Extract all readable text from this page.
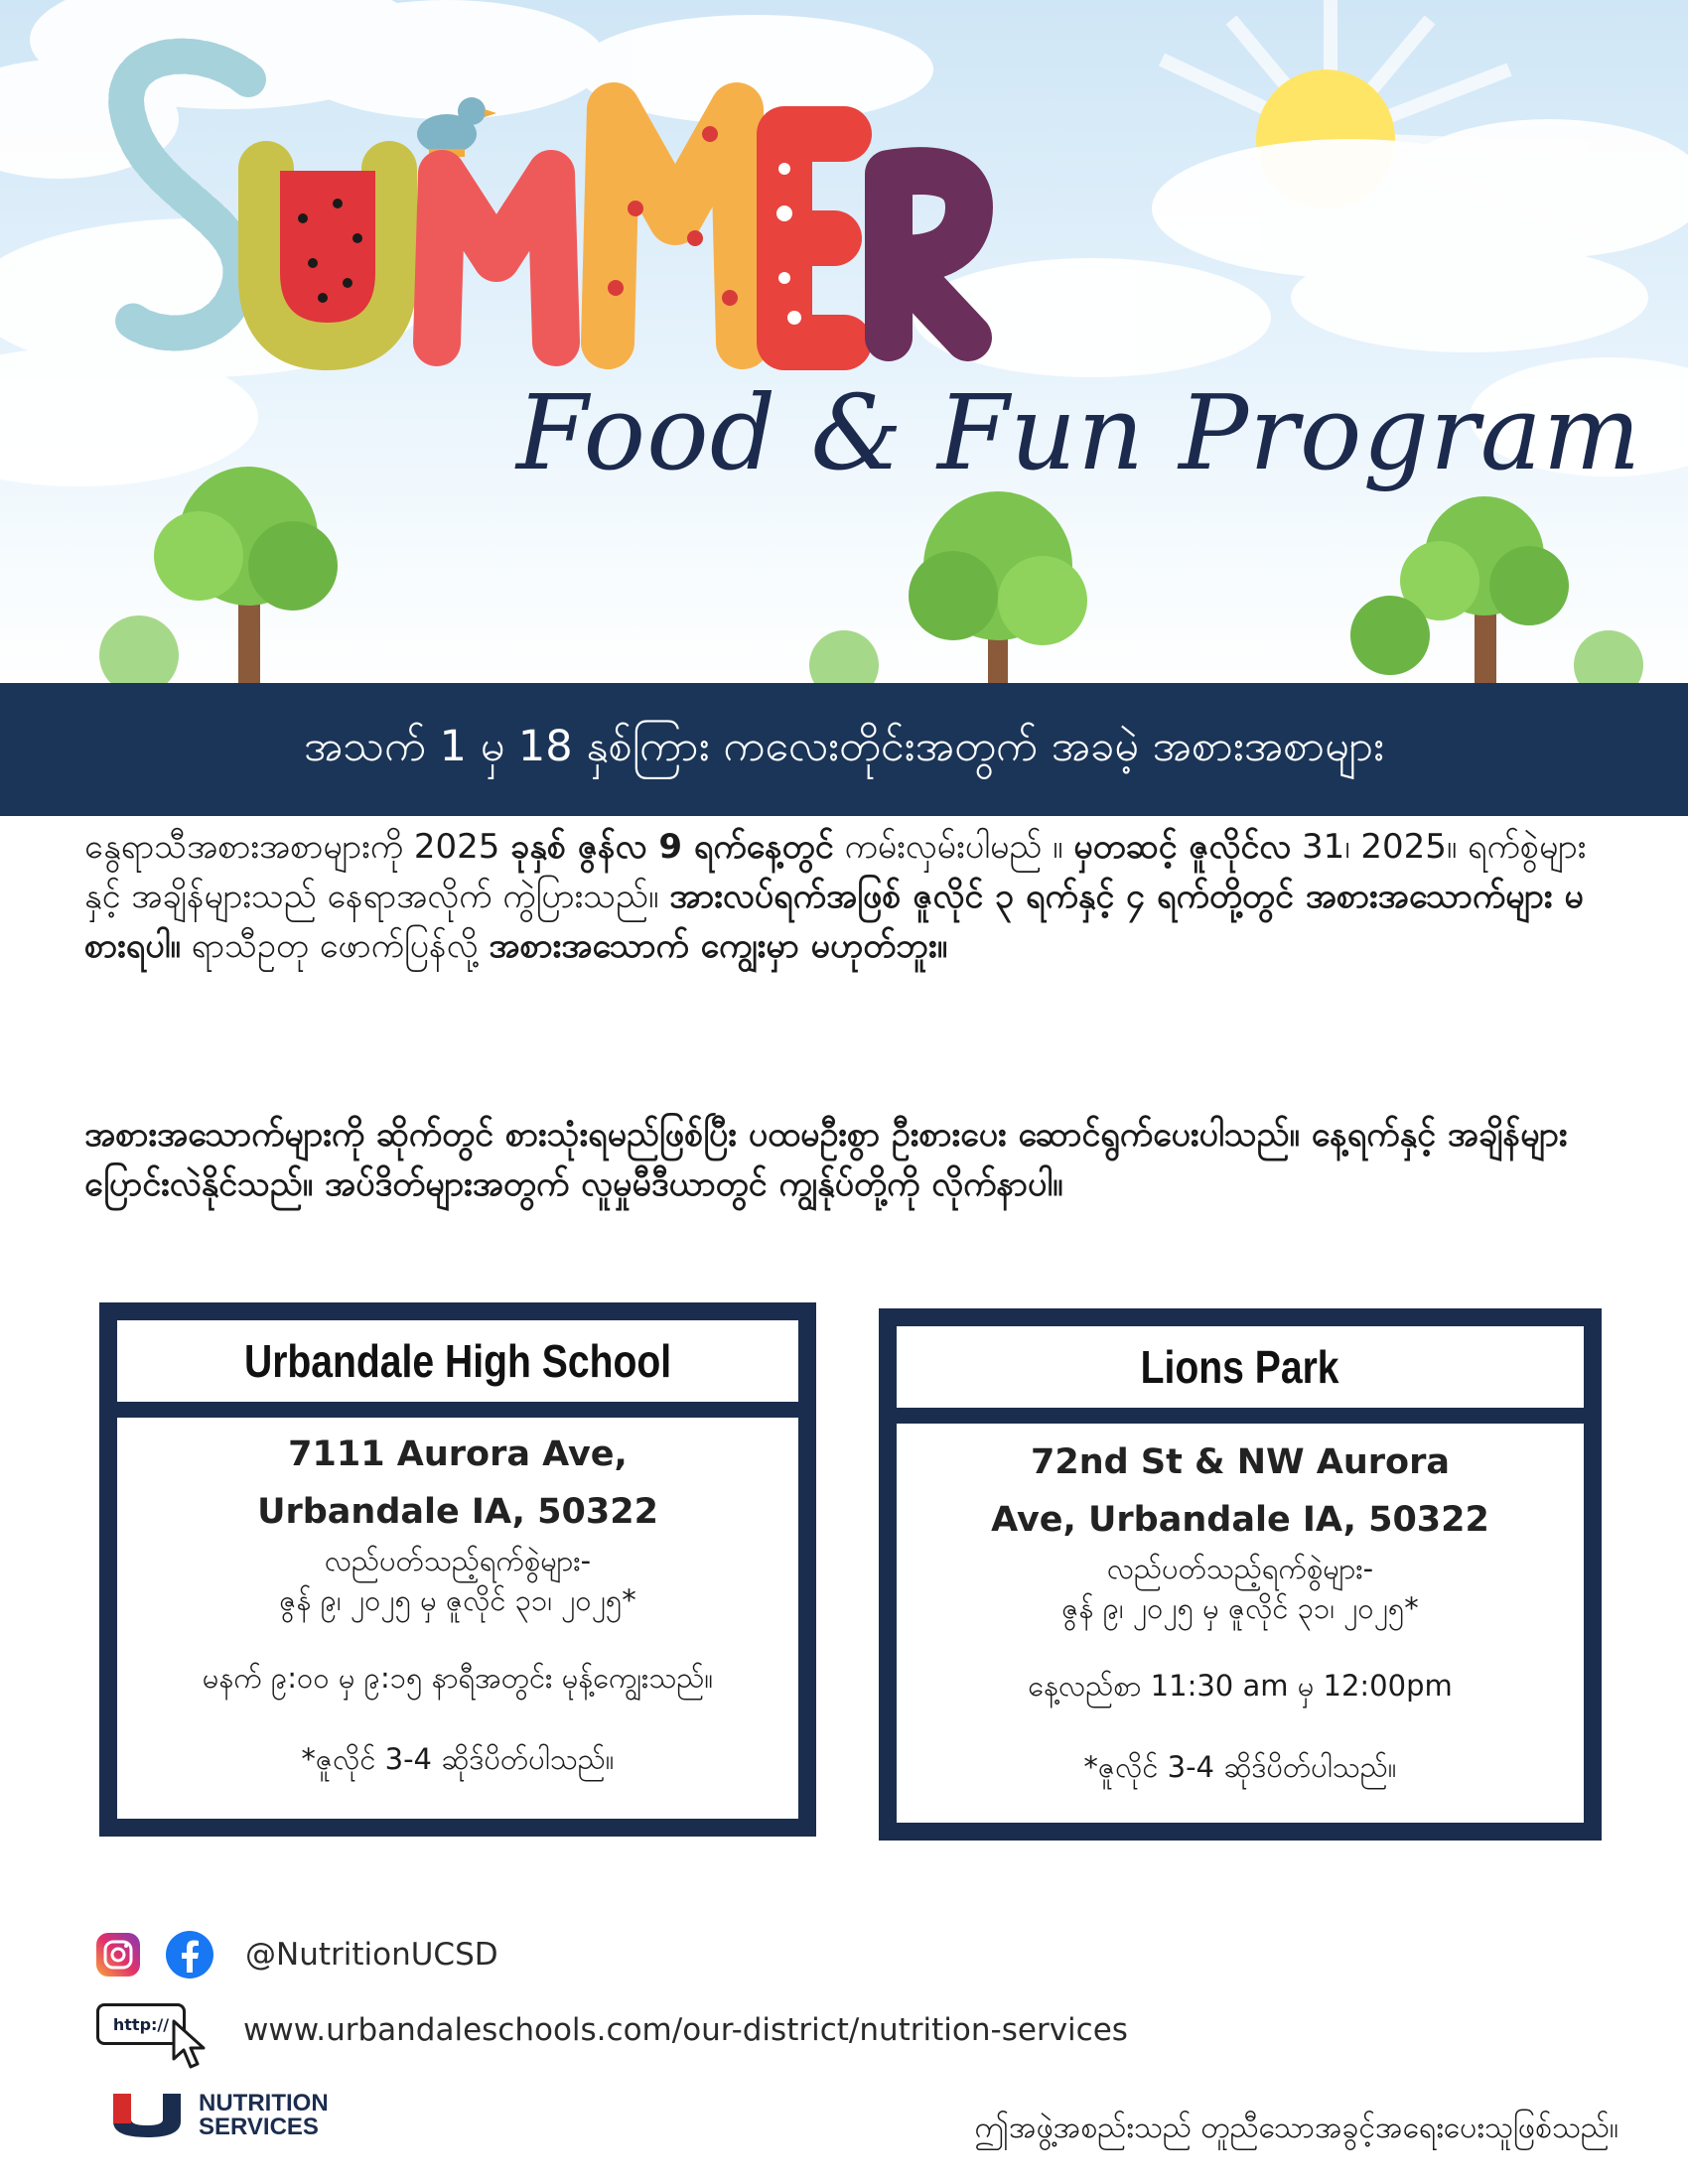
Food & Fun Program
အသက် 1 မှ 18 နှစ်ကြား ကလေးတိုင်းအတွက် အခမဲ့ အစားအစာများ
နွေရာသီအစားအစာများကို 2025 ခုနှစ် ဇွန်လ 9 ရက်နေ့တွင် ကမ်းလှမ်းပါမည် ။ မှတဆင့် ဇူလိုင်လ 31၊ 2025။ ရက်စွဲများနှင့် အချိန်များသည် နေရာအလိုက် ကွဲပြားသည်။ အားလပ်ရက်အဖြစ် ဇူလိုင် ၃ ရက်နှင့် ၄ ရက်တို့တွင် အစားအသောက်များ မစားရပါ။ ရာသီဥတု ဖောက်ပြန်လို့ အစားအသောက် ကျွေးမှာ မဟုတ်ဘူး။
အစားအသောက်များကို ဆိုက်တွင် စားသုံးရမည်ဖြစ်ပြီး ပထမဦးစွာ ဦးစားပေး ဆောင်ရွက်ပေးပါသည်။ နေ့ရက်နှင့် အချိန်များ ပြောင်းလဲနိုင်သည်။ အပ်ဒိတ်များအတွက် လူမှုမီဒီယာတွင် ကျွန်ုပ်တို့ကို လိုက်နာပါ။
Urbandale High School
7111 Aurora Ave,
Urbandale IA, 50322
လည်ပတ်သည့်ရက်စွဲများ-
ဇွန် ၉၊ ၂၀၂၅ မှ ဇူလိုင် ၃၁၊ ၂၀၂၅*
မနက် ၉:၀၀ မှ ၉:၁၅ နာရီအတွင်း မုန့်ကျွေးသည်။
*ဇူလိုင် 3-4 ဆိုဒ်ပိတ်ပါသည်။
Lions Park
72nd St & NW Aurora
Ave, Urbandale IA, 50322
လည်ပတ်သည့်ရက်စွဲများ-
ဇွန် ၉၊ ၂၀၂၅ မှ ဇူလိုင် ၃၁၊ ၂၀၂၅*
နေ့လည်စာ 11:30 am မှ 12:00pm
*ဇူလိုင် 3-4 ဆိုဒ်ပိတ်ပါသည်။
@NutritionUCSD
http://	www.urbandaleschools.com/our-district/nutrition-services
NUTRITION
SERVICES	ဤအဖွဲ့အစည်းသည် တူညီသောအခွင့်အရေးပေးသူဖြစ်သည်။
